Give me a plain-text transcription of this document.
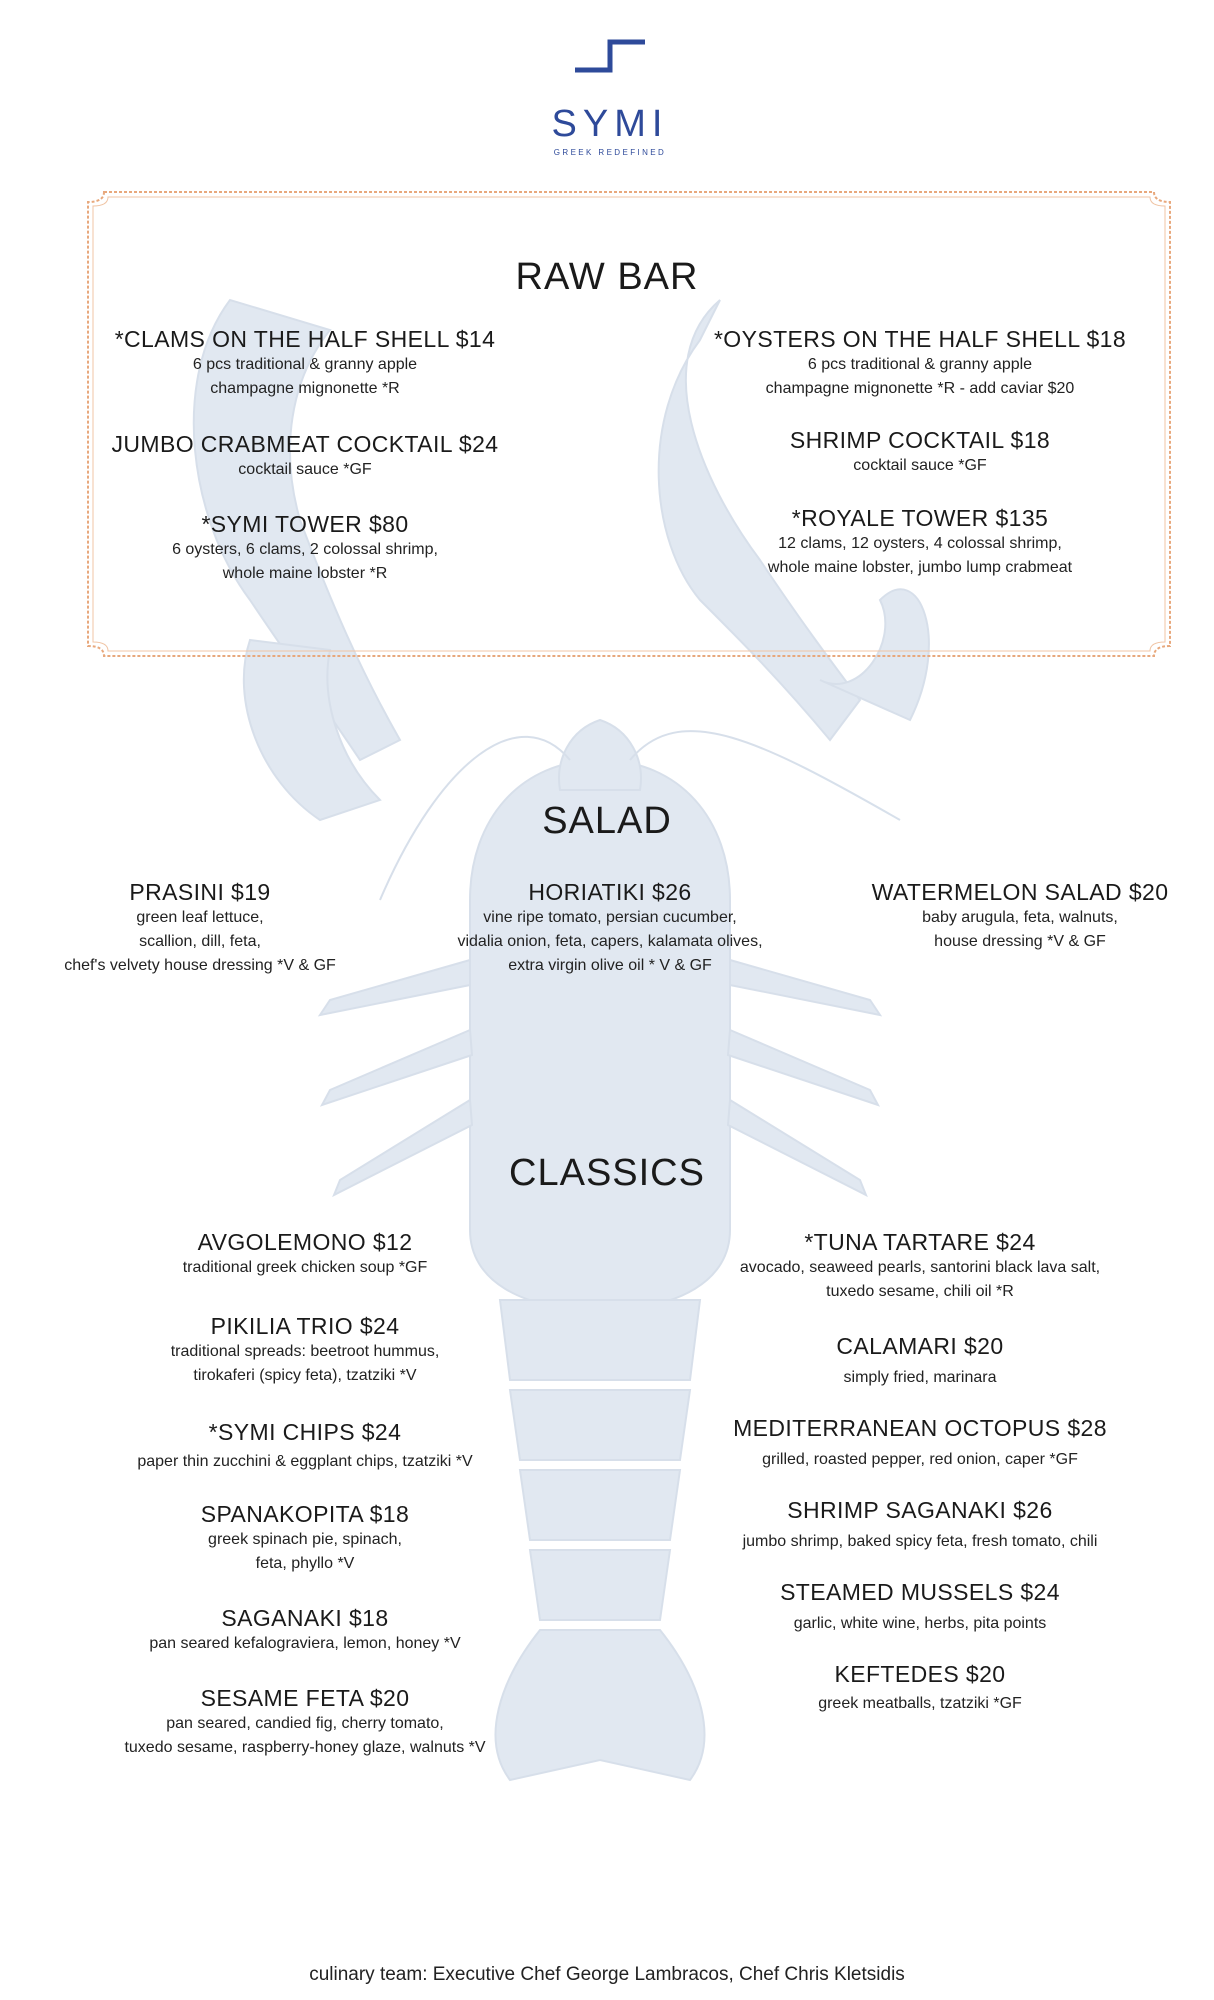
SYMI
GREEK REDEFINED
RAW BAR
*CLAMS ON THE HALF SHELL $14
6 pcs traditional & granny apple
champagne mignonette *R
JUMBO CRABMEAT COCKTAIL $24
cocktail sauce *GF
*SYMI TOWER $80
6 oysters, 6 clams, 2 colossal shrimp,
whole maine lobster *R
*OYSTERS ON THE HALF SHELL $18
6 pcs traditional & granny apple
champagne mignonette *R - add caviar $20
SHRIMP COCKTAIL $18
cocktail sauce *GF
*ROYALE TOWER $135
12 clams, 12 oysters, 4 colossal shrimp,
whole maine lobster, jumbo lump crabmeat
SALAD
PRASINI $19
green leaf lettuce,
scallion, dill, feta,
chef's velvety house dressing *V & GF
HORIATIKI $26
vine ripe tomato, persian cucumber,
vidalia onion, feta, capers, kalamata olives,
extra virgin olive oil * V & GF
WATERMELON SALAD $20
baby arugula, feta, walnuts,
house dressing *V & GF
CLASSICS
AVGOLEMONO $12
traditional greek chicken soup *GF
PIKILIA TRIO $24
traditional spreads: beetroot hummus,
tirokaferi (spicy feta), tzatziki *V
*SYMI CHIPS $24
paper thin zucchini & eggplant chips, tzatziki *V
SPANAKOPITA $18
greek spinach pie, spinach,
feta, phyllo *V
SAGANAKI $18
pan seared kefalograviera, lemon, honey *V
SESAME FETA $20
pan seared, candied fig, cherry tomato,
tuxedo sesame, raspberry-honey glaze, walnuts *V
*TUNA TARTARE $24
avocado, seaweed pearls, santorini black lava salt,
tuxedo sesame, chili oil *R
CALAMARI $20
simply fried, marinara
MEDITERRANEAN OCTOPUS $28
grilled, roasted pepper, red onion, caper *GF
SHRIMP SAGANAKI $26
jumbo shrimp, baked spicy feta, fresh tomato, chili
STEAMED MUSSELS $24
garlic, white wine, herbs, pita points
KEFTEDES $20
greek meatballs, tzatziki *GF
culinary team: Executive Chef George Lambracos, Chef Chris Kletsidis
